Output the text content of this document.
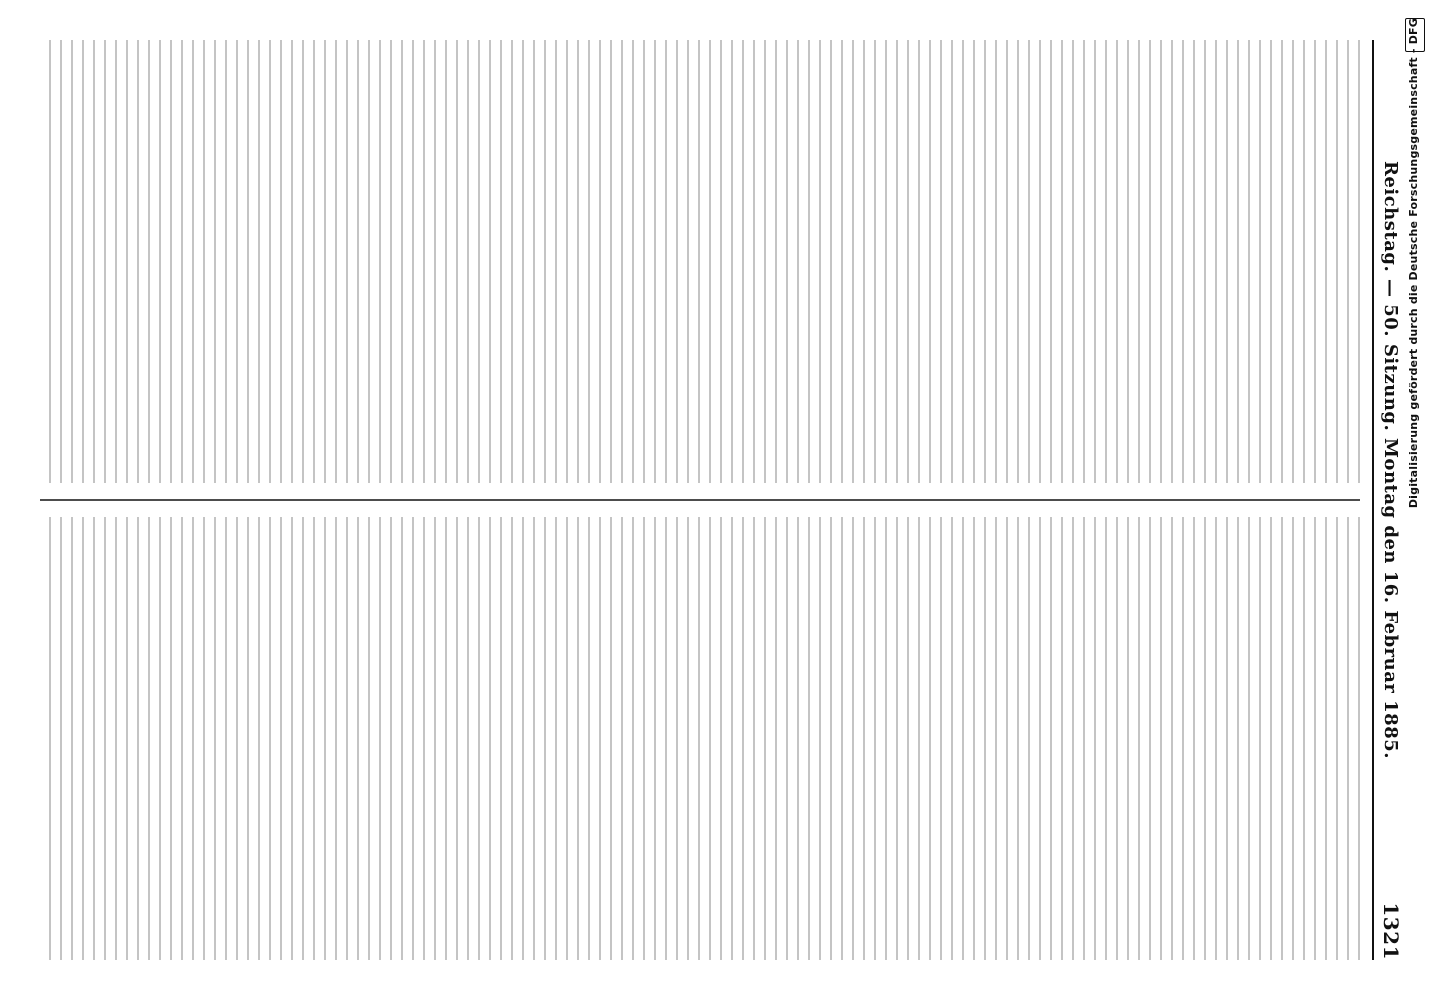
Reichstag. — 50. Sitzung. Montag den 16. Februar 1885.
1321
Digitalisierung gefördert durch die Deutsche Forschungsgemeinschaft - DFG
